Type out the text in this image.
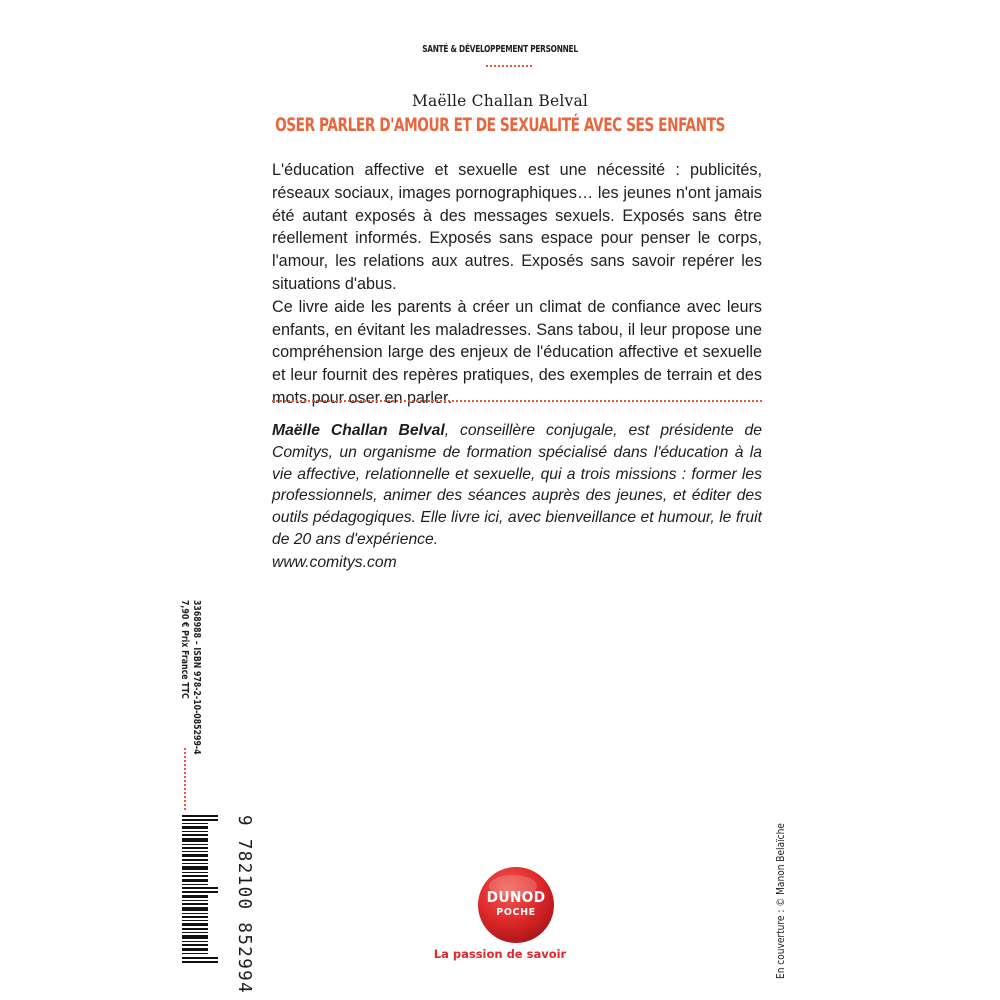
SANTÉ & DÉVELOPPEMENT PERSONNEL
Maëlle Challan Belval
OSER PARLER D'AMOUR ET DE SEXUALITÉ AVEC SES ENFANTS

L'éducation affective et sexuelle est une nécessité : publicités, réseaux sociaux, images pornographiques… les jeunes n'ont jamais été autant exposés à des messages sexuels. Exposés sans être réellement informés. Exposés sans espace pour penser le corps, l'amour, les relations aux autres. Exposés sans savoir repérer les situations d'abus.

Ce livre aide les parents à créer un climat de confiance avec leurs enfants, en évitant les maladresses. Sans tabou, il leur propose une compréhension large des enjeux de l'éducation affective et sexuelle et leur fournit des repères pratiques, des exemples de terrain et des mots pour oser en parler.

Maëlle Challan Belval, conseillère conjugale, est présidente de Comitys, un organisme de formation spécialisé dans l'éducation à la vie affective, relationnelle et sexuelle, qui a trois missions : former les professionnels, animer des séances auprès des jeunes, et éditer des outils pédagogiques. Elle livre ici, avec bienveillance et humour, le fruit de 20 ans d'expérience.
www.comitys.com
3368988 – ISBN 978-2-10-085299-4
7,90 € Prix France TTC
9 782100 852994	DUNOD
POCHE
La passion de savoir	En couverture : © Manon Belaïche
